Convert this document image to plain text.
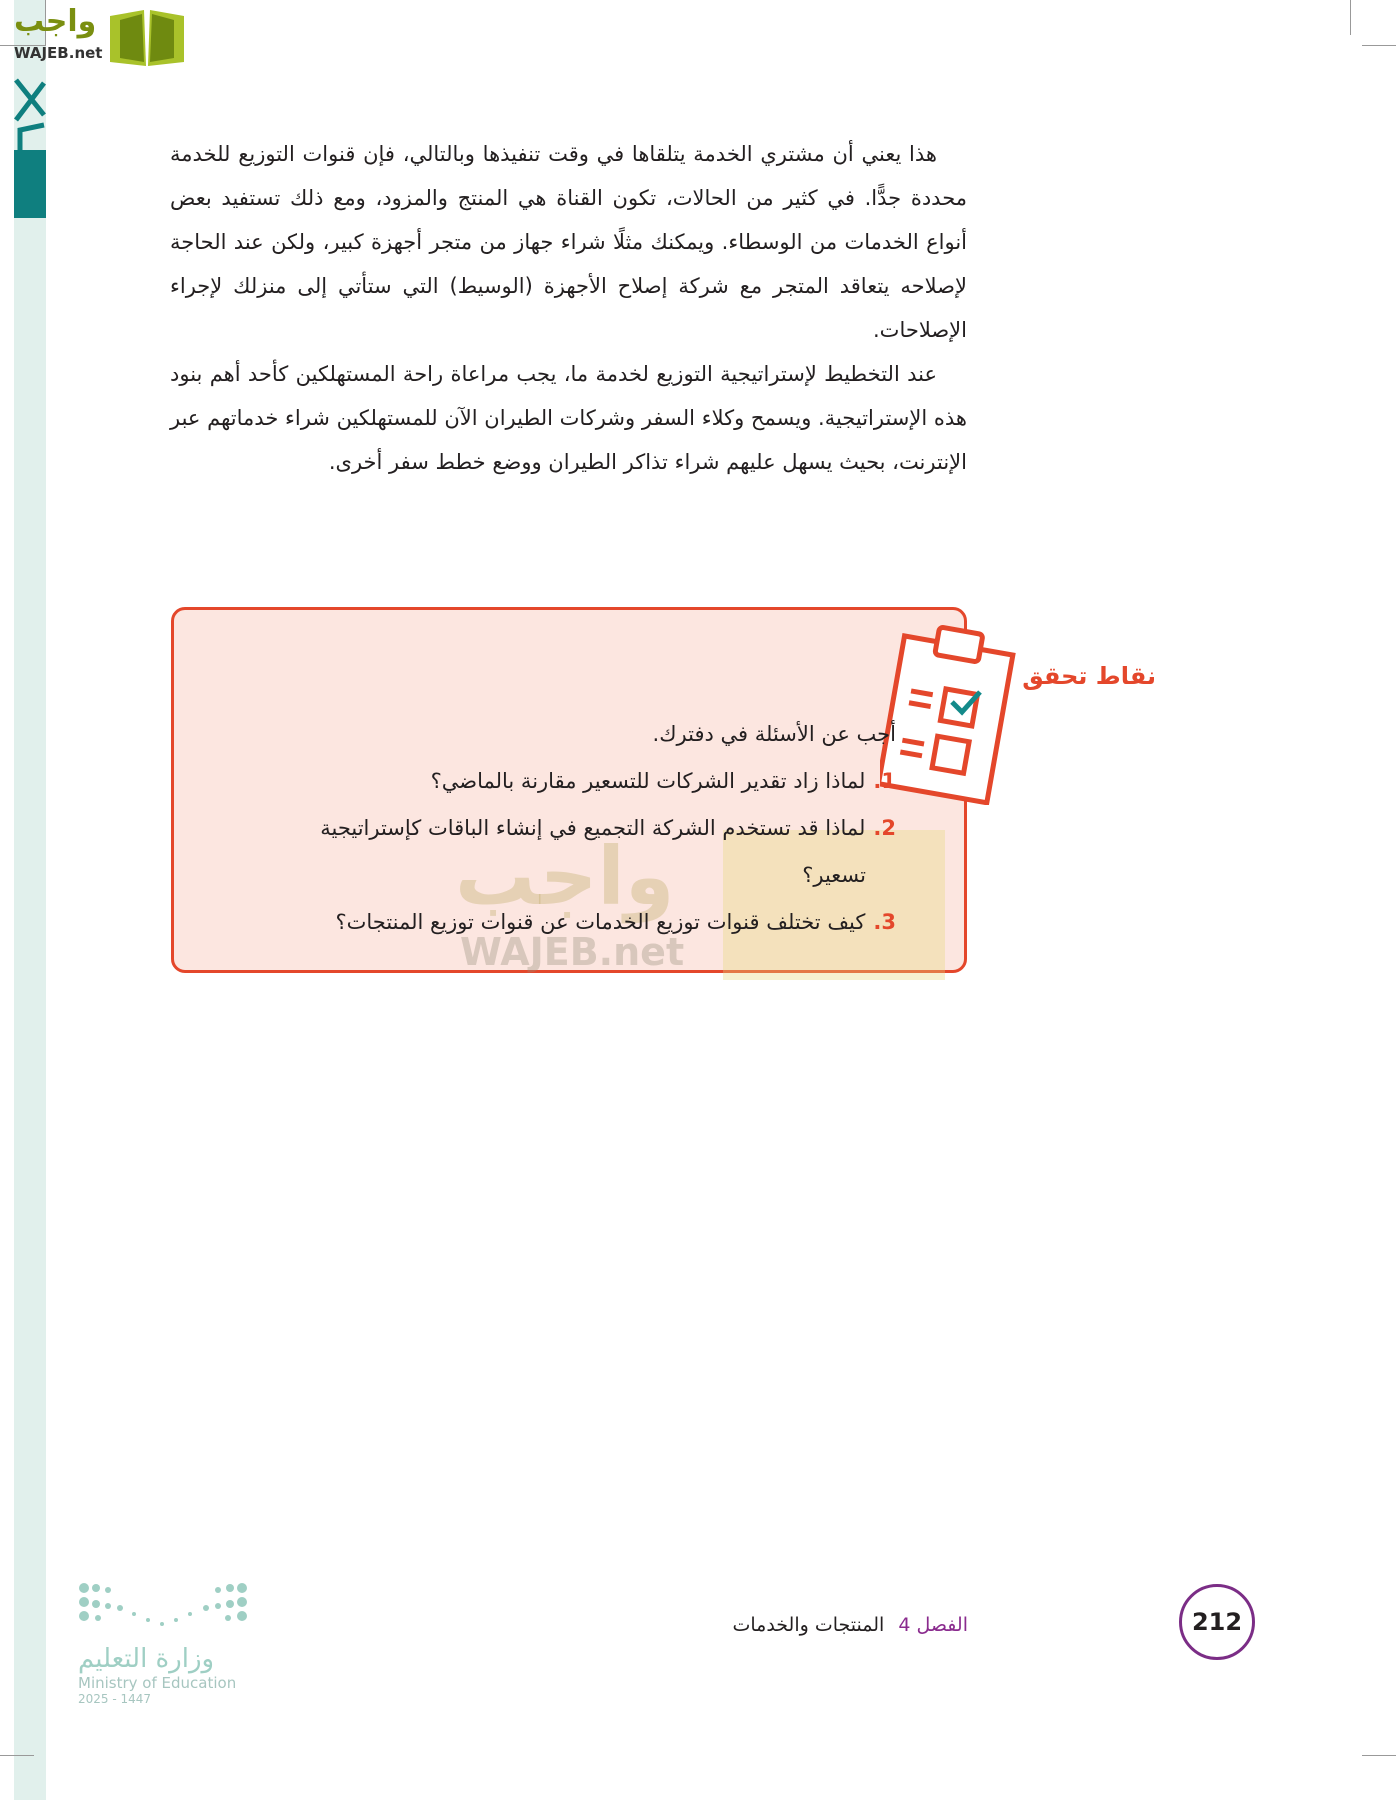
واجب
WAJEB.net

هذا يعني أن مشتري الخدمة يتلقاها في وقت تنفيذها وبالتالي، فإن قنوات التوزيع للخدمة محددة جدًّا. في كثير من الحالات، تكون القناة هي المنتج والمزود، ومع ذلك تستفيد بعض أنواع الخدمات من الوسطاء. ويمكنك مثلًا شراء جهاز من متجر أجهزة كبير، ولكن عند الحاجة لإصلاحه يتعاقد المتجر مع شركة إصلاح الأجهزة (الوسيط) التي ستأتي إلى منزلك لإجراء الإصلاحات.

عند التخطيط لإستراتيجية التوزيع لخدمة ما، يجب مراعاة راحة المستهلكين كأحد أهم بنود هذه الإستراتيجية. ويسمح وكلاء السفر وشركات الطيران الآن للمستهلكين شراء خدماتهم عبر الإنترنت، بحيث يسهل عليهم شراء تذاكر الطيران ووضع خطط سفر أخرى.

واجب
WAJEB.net
نقاط تحقق
أجب عن الأسئلة في دفترك.
1.لماذا زاد تقدير الشركات للتسعير مقارنة بالماضي؟
2.لماذا قد تستخدم الشركة التجميع في إنشاء الباقات كإستراتيجية
تسعير؟
3.كيف تختلف قنوات توزيع الخدمات عن قنوات توزيع المنتجات؟
212
الفصل 4المنتجات والخدمات
وزارة التعليم
Ministry of Education
2025 - 1447
